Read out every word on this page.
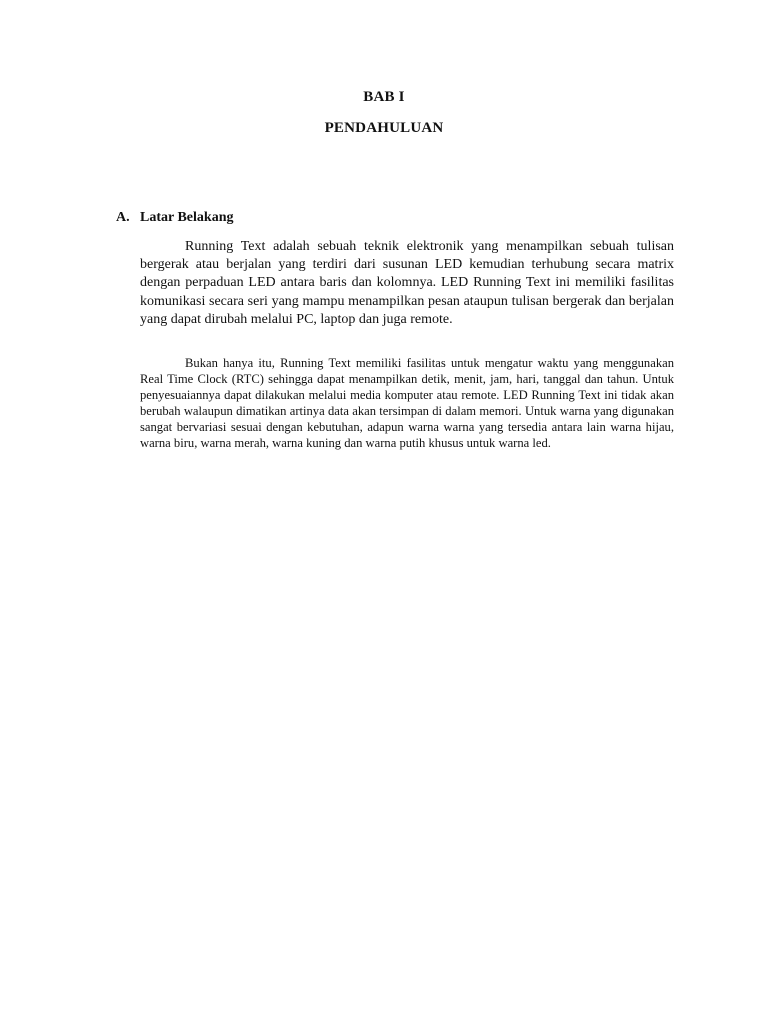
BAB I
PENDAHULUAN
A. Latar Belakang

Running Text adalah sebuah teknik elektronik yang menampilkan sebuah tulisan bergerak atau berjalan yang terdiri dari susunan LED kemudian terhubung secara matrix dengan perpaduan LED antara baris dan kolomnya. LED Running Text ini memiliki fasilitas komunikasi secara seri yang mampu menampilkan pesan ataupun tulisan bergerak dan berjalan yang dapat dirubah melalui PC, laptop dan juga remote.

Bukan hanya itu, Running Text memiliki fasilitas untuk mengatur waktu yang menggunakan Real Time Clock (RTC) sehingga dapat menampilkan detik, menit, jam, hari, tanggal dan tahun. Untuk penyesuaiannya dapat dilakukan melalui media komputer atau remote. LED Running Text ini tidak akan berubah walaupun dimatikan artinya data akan tersimpan di dalam memori. Untuk warna yang digunakan sangat bervariasi sesuai dengan kebutuhan, adapun warna warna yang tersedia antara lain warna hijau, warna biru, warna merah, warna kuning dan warna putih khusus untuk warna led.
